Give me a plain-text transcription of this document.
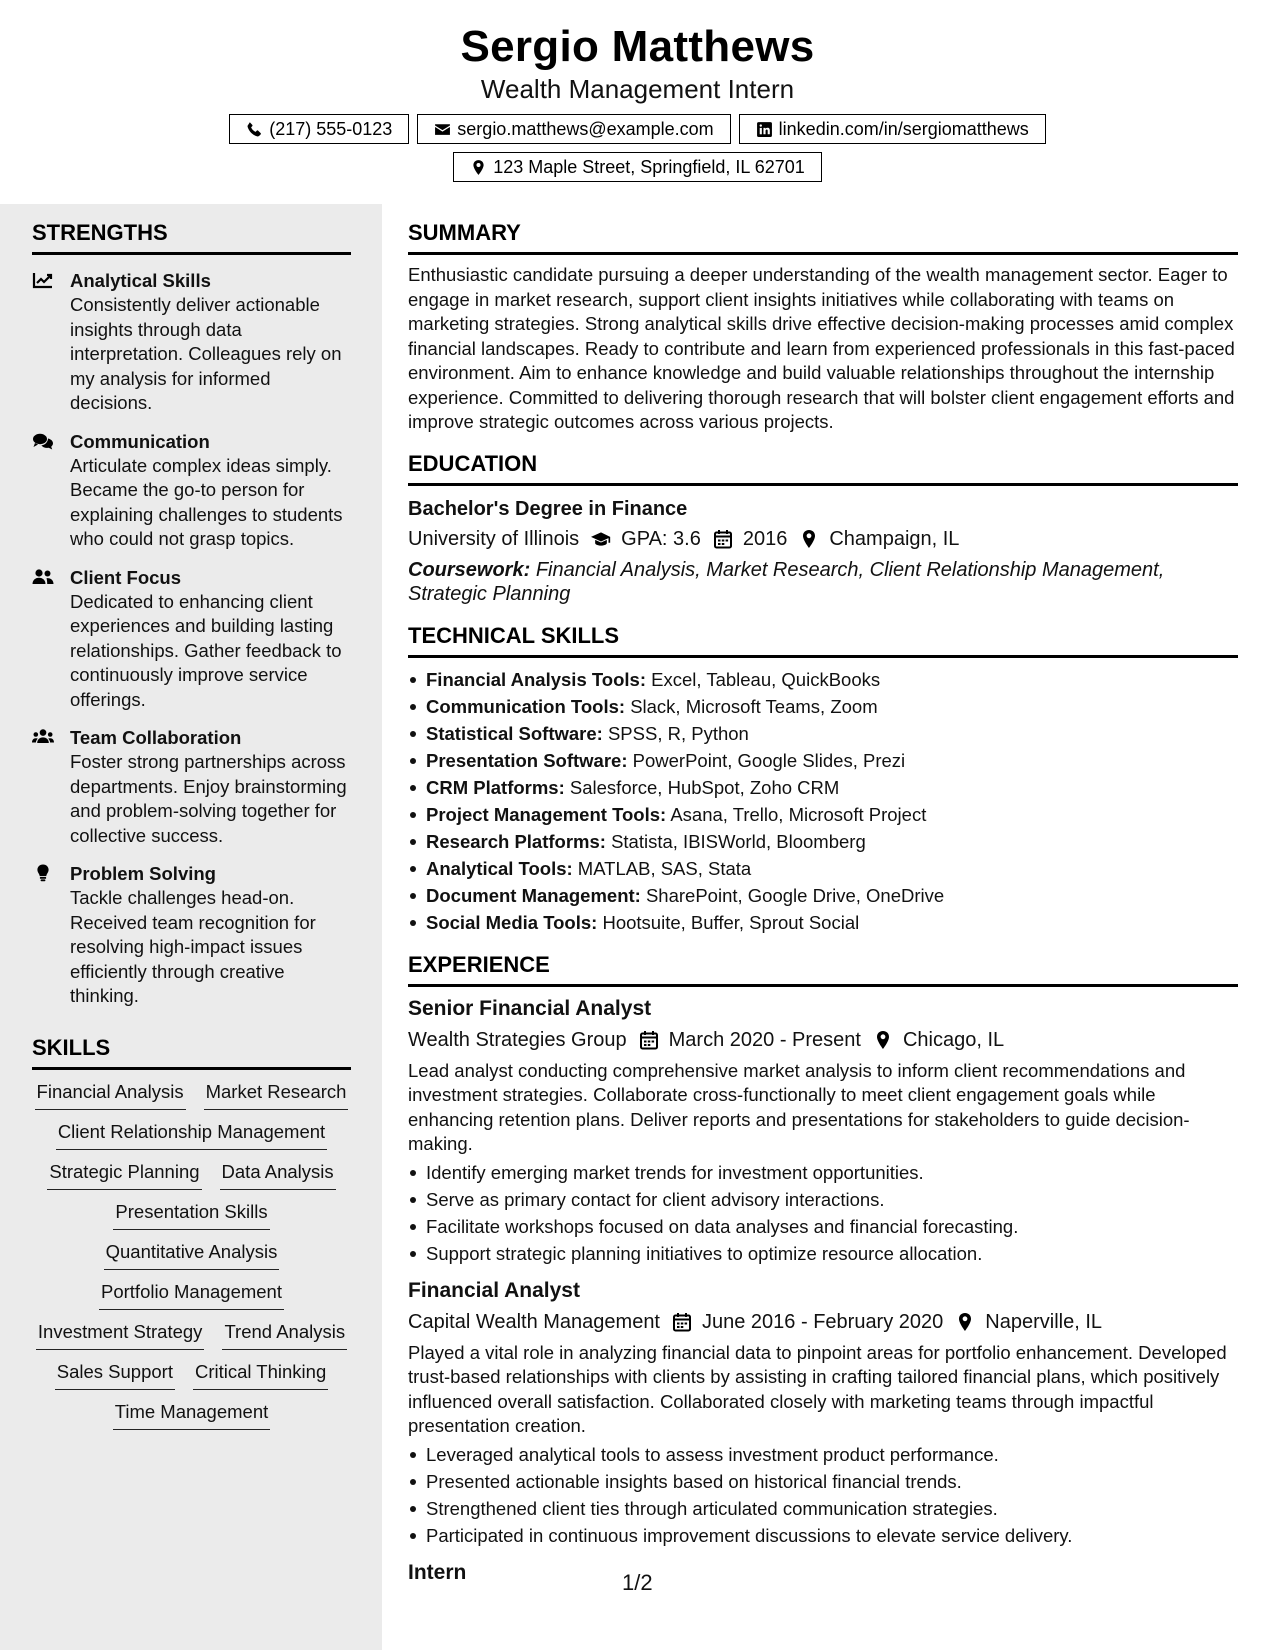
Sergio Matthews
Wealth Management Intern
(217) 555-0123	sergio.matthews@example.com	linkedin.com/in/sergiomatthews
123 Maple Street, Springfield, IL 62701
STRENGTHS
Analytical Skills
Consistently deliver actionable insights through data interpretation. Colleagues rely on my analysis for informed decisions.
Communication
Articulate complex ideas simply. Became the go-to person for explaining challenges to students who could not grasp topics.
Client Focus
Dedicated to enhancing client experiences and building lasting relationships. Gather feedback to continuously improve service offerings.
Team Collaboration
Foster strong partnerships across departments. Enjoy brainstorming and problem-solving together for collective success.
Problem Solving
Tackle challenges head-on. Received team recognition for resolving high-impact issues efficiently through creative thinking.
SKILLS
Financial Analysis Market Research
Client Relationship Management
Strategic Planning Data Analysis
Presentation Skills
Quantitative Analysis
Portfolio Management
Investment Strategy Trend Analysis
Sales Support Critical Thinking
Time Management
SUMMARY
Enthusiastic candidate pursuing a deeper understanding of the wealth management sector. Eager to engage in market research, support client insights initiatives while collaborating with teams on marketing strategies. Strong analytical skills drive effective decision-making processes amid complex financial landscapes. Ready to contribute and learn from experienced professionals in this fast-paced environment. Aim to enhance knowledge and build valuable relationships throughout the internship experience. Committed to delivering thorough research that will bolster client engagement efforts and improve strategic outcomes across various projects.
EDUCATION
Bachelor's Degree in Finance
University of Illinois GPA: 3.6 2016 Champaign, IL
Coursework: Financial Analysis, Market Research, Client Relationship Management, Strategic Planning
TECHNICAL SKILLS
Financial Analysis Tools: Excel, Tableau, QuickBooks
Communication Tools: Slack, Microsoft Teams, Zoom
Statistical Software: SPSS, R, Python
Presentation Software: PowerPoint, Google Slides, Prezi
CRM Platforms: Salesforce, HubSpot, Zoho CRM
Project Management Tools: Asana, Trello, Microsoft Project
Research Platforms: Statista, IBISWorld, Bloomberg
Analytical Tools: MATLAB, SAS, Stata
Document Management: SharePoint, Google Drive, OneDrive
Social Media Tools: Hootsuite, Buffer, Sprout Social
EXPERIENCE
Senior Financial Analyst
Wealth Strategies Group March 2020 - Present Chicago, IL
Lead analyst conducting comprehensive market analysis to inform client recommendations and investment strategies. Collaborate cross-functionally to meet client engagement goals while enhancing retention plans. Deliver reports and presentations for stakeholders to guide decision-making.
Identify emerging market trends for investment opportunities.
Serve as primary contact for client advisory interactions.
Facilitate workshops focused on data analyses and financial forecasting.
Support strategic planning initiatives to optimize resource allocation.
Financial Analyst
Capital Wealth Management June 2016 - February 2020 Naperville, IL
Played a vital role in analyzing financial data to pinpoint areas for portfolio enhancement. Developed trust-based relationships with clients by assisting in crafting tailored financial plans, which positively influenced overall satisfaction. Collaborated closely with marketing teams through impactful presentation creation.
Leveraged analytical tools to assess investment product performance.
Presented actionable insights based on historical financial trends.
Strengthened client ties through articulated communication strategies.
Participated in continuous improvement discussions to elevate service delivery.
Intern	1/2
